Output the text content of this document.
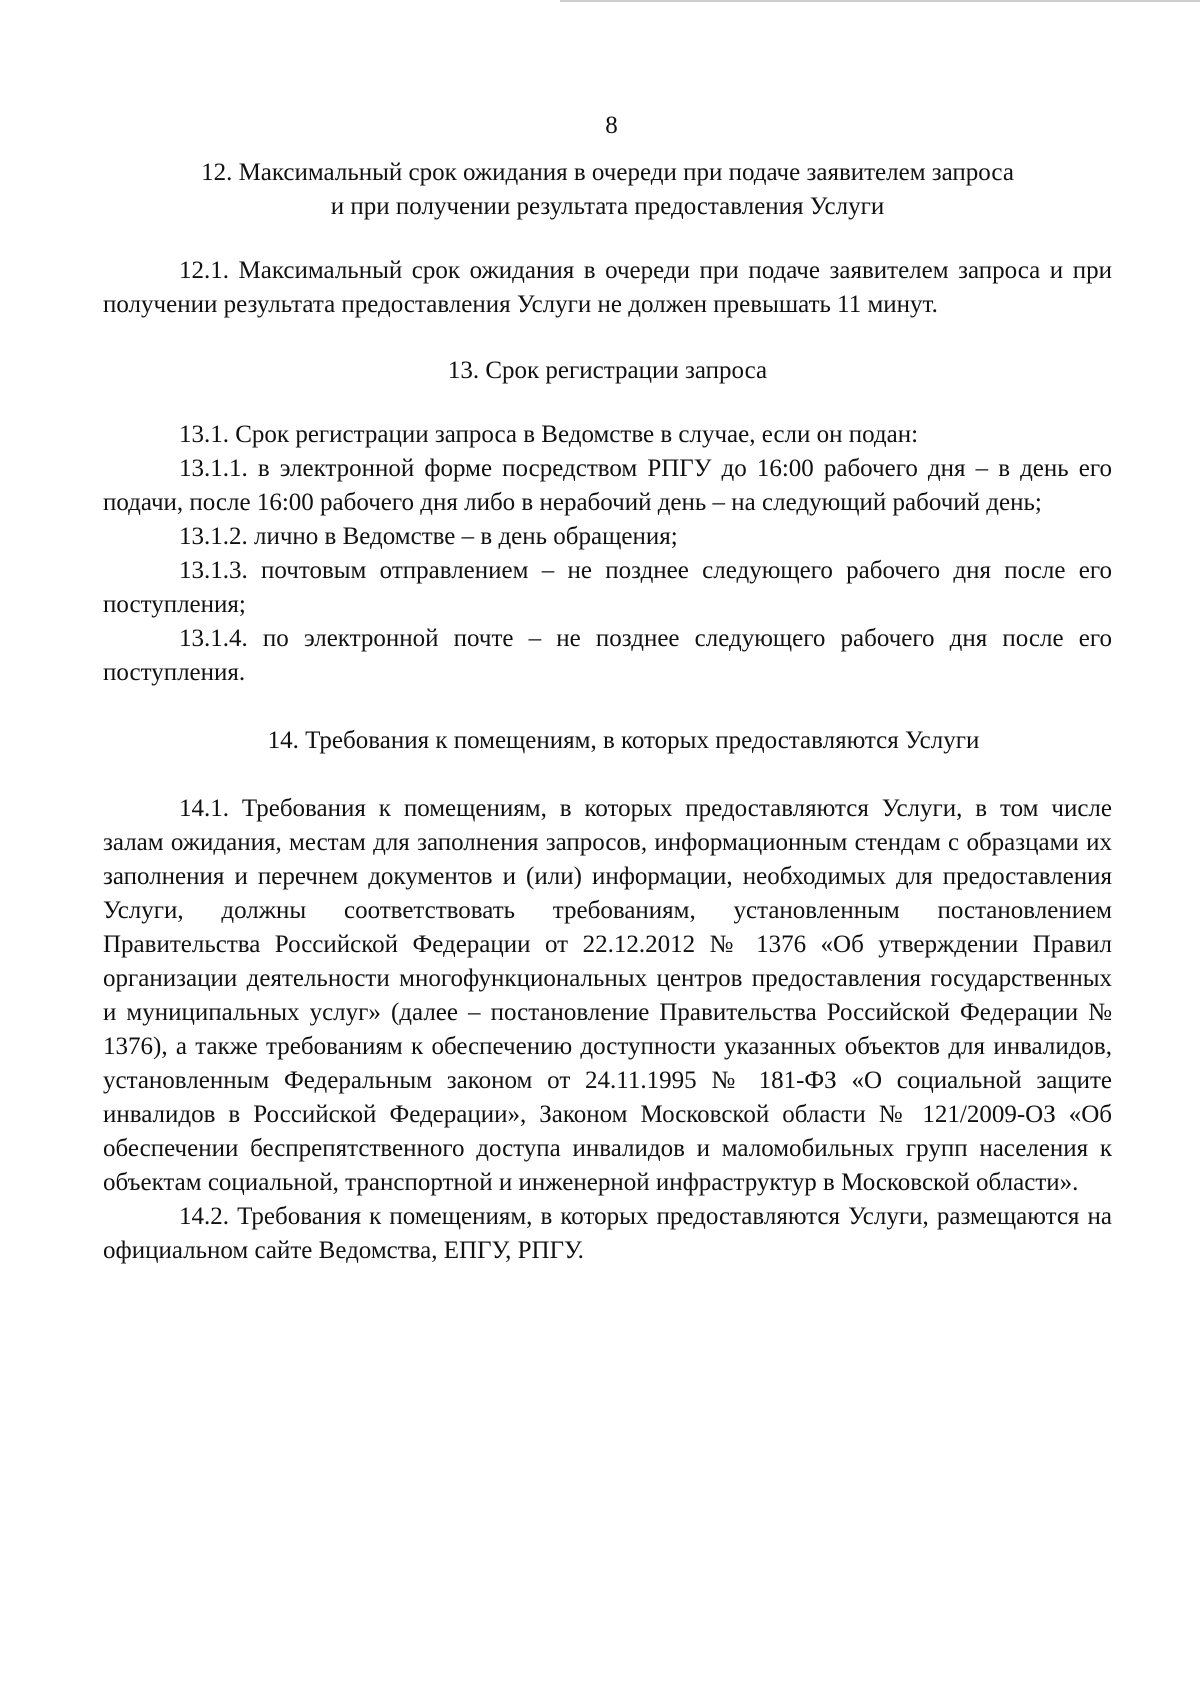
8
12. Максимальный срок ожидания в очереди при подаче заявителем запроса
и при получении результата предоставления Услуги

12.1. Максимальный срок ожидания в очереди при подаче заявителем запроса и при получении результата предоставления Услуги не должен превышать 11 минут.

13. Срок регистрации запроса

13.1. Срок регистрации запроса в Ведомстве в случае, если он подан:

13.1.1. в электронной форме посредством РПГУ до 16:00 рабочего дня – в день его подачи, после 16:00 рабочего дня либо в нерабочий день – на следующий рабочий день;

13.1.2. лично в Ведомстве – в день обращения;

13.1.3. почтовым отправлением – не позднее следующего рабочего дня после его поступления;

13.1.4. по электронной почте – не позднее следующего рабочего дня после его поступления.

14. Требования к помещениям, в которых предоставляются Услуги

14.1. Требования к помещениям, в которых предоставляются Услуги, в том числе залам ожидания, местам для заполнения запросов, информационным стендам с образцами их заполнения и перечнем документов и (или) информации, необходимых для предоставления Услуги, должны соответствовать требованиям, установленным постановлением Правительства Российской Федерации от 22.12.2012 № 1376 «Об утверждении Правил организации деятельности многофункциональных центров предоставления государственных и муниципальных услуг» (далее – постановление Правительства Российской Федерации № 1376), а также требованиям к обеспечению доступности указанных объектов для инвалидов, установленным Федеральным законом от 24.11.1995 № 181-ФЗ «О социальной защите инвалидов в Российской Федерации», Законом Московской области № 121/2009-ОЗ «Об обеспечении беспрепятственного доступа инвалидов и маломобильных групп населения к объектам социальной, транспортной и инженерной инфраструктур в Московской области».

14.2. Требования к помещениям, в которых предоставляются Услуги, размещаются на официальном сайте Ведомства, ЕПГУ, РПГУ.
